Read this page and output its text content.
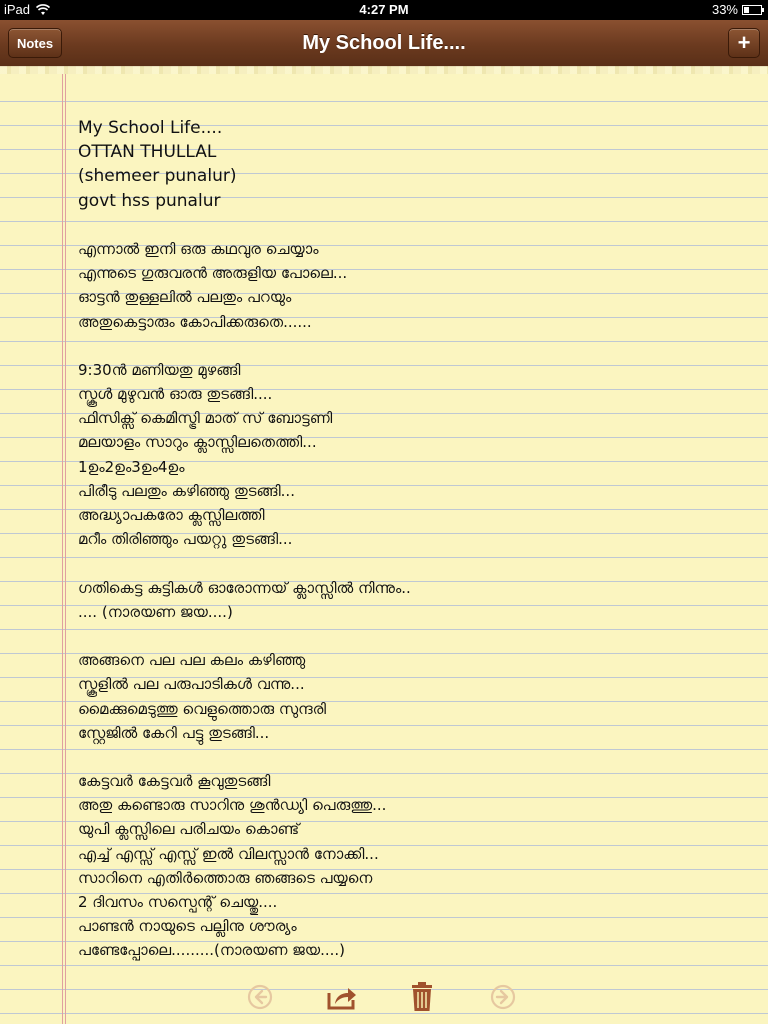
iPad	4:27 PM	33%
My School Life....
Notes	+
My School Life....
OTTAN THULLAL
(shemeer punalur)
govt hss punalur
എന്നാൽ ഇനി ഒരു കഥവുര ചെയ്യാം
എന്നുടെ ഗുരുവരൻ അരുളിയ പോലെ...
ഓട്ടൻ തുള്ളലിൽ പലതും പറയും
അതുകെട്ടാരും കോപിക്കരുതെ......
9:30ൻ മണിയതു മുഴങ്ങി
സ്കൂൾ മുഴുവൻ ഓരു തുടങ്ങി....
ഫിസിക്സ് കെമിസ്ട്രി മാത് സ് ബോട്ടണി
മലയാളം സാറും ക്ലാസ്സിലതെത്തി...
1ഉം2ഉം3ഉം4ഉം
പിരീടു പലതും കഴിഞ്ഞു തുടങ്ങി...
അദ്ധ്യാപകരോ ക്ലസ്സിലത്തി
മറീം തിരിഞ്ഞും പയറ്റു തുടങ്ങി...
ഗതികെട്ട കുട്ടികൾ ഓരോന്നയ് ക്ലാസ്സിൽ നിന്നും..
.... (നാരയണ ജയ....)
അങ്ങനെ പല പല കലം കഴിഞ്ഞു
സ്കൂളിൽ പല പരുപാടികൾ വന്നു...
മൈക്കുമെടുത്തു വെളുത്തൊരു സുന്ദരി
സ്റ്റേജിൽ കേറി പട്ടു തുടങ്ങി...
കേട്ടവർ കേട്ടവർ കൂവുതുടങ്ങി
അതു കണ്ടൊരു സാറിനു ശുൻഡ്യി പെരുത്തു...
യുപി ക്ലസ്സിലെ പരിചയം കൊണ്ട്
എച്ച് എസ്സ് എസ്സ് ഇൽ വിലസ്സാൻ നോക്കി...
സാറിനെ എതിർത്തൊരു ഞങ്ങടെ പയ്യനെ
2 ദിവസം സസ്പെന്റ് ചെയ്തു....
പാണ്ടൻ നായുടെ പല്ലിനു ശൗര്യം
പണ്ടേപ്പോലെ.........(നാരയണ ജയ....)
